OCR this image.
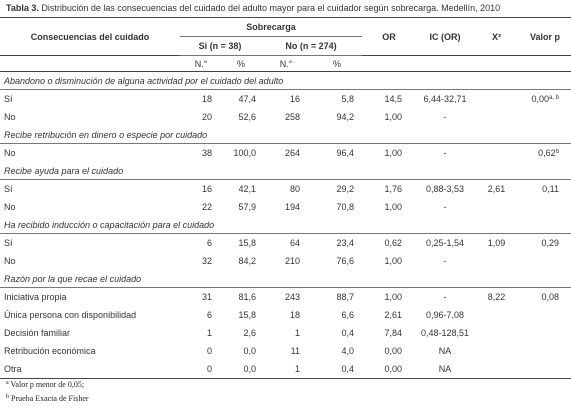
Tabla 3. Distribución de las consecuencias del cuidado del adulto mayor para el cuidador según sobrecarga. Medellín, 2010
Consecuencias del cuidado	Sobrecarga				OR	IC (OR)	X²	Valor p
	Si (n = 38)		No (n = 274)					
	N.°	%	N.°	%				
Abandono o disminución de alguna actividad por el cuidado del adulto								
Sí	18	47,4	16	5,8	14,5	6,44-32,71		0,00$^{a, b}$
No	20	52,6	258	94,2	1,00	-		
Recibe retribución en dinero o especie por cuidado								
No	38	100,0	264	96,4	1,00	-		0,62$^b$
Recibe ayuda para el cuidado								
Sí	16	42,1	80	29,2	1,76	0,88-3,53	2,61	0,11
No	22	57,9	194	70,8	1,00	-		
Ha recibido inducción o capacitación para el cuidado								
Sí	6	15,8	64	23,4	0,62	0,25-1,54	1,09	0,29
No	32	84,2	210	76,6	1,00	-		
Razón por la que recae el cuidado								
Iniciativa propia	31	81,6	243	88,7	1,00	-	8,22	0,08
Única persona con disponibilidad	6	15,8	18	6,6	2,61	0,96-7,08		
Decisión familiar	1	2,6	1	0,4	7,84	0,48-128,51		
Retribución económica	0	0,0	11	4,0	0,00	NA		
Otra	0	0,0	1	0,4	0,00	NA		
$^a$ Valor p menor de 0,05;
$^b$ Prueba Exacta de Fisher
